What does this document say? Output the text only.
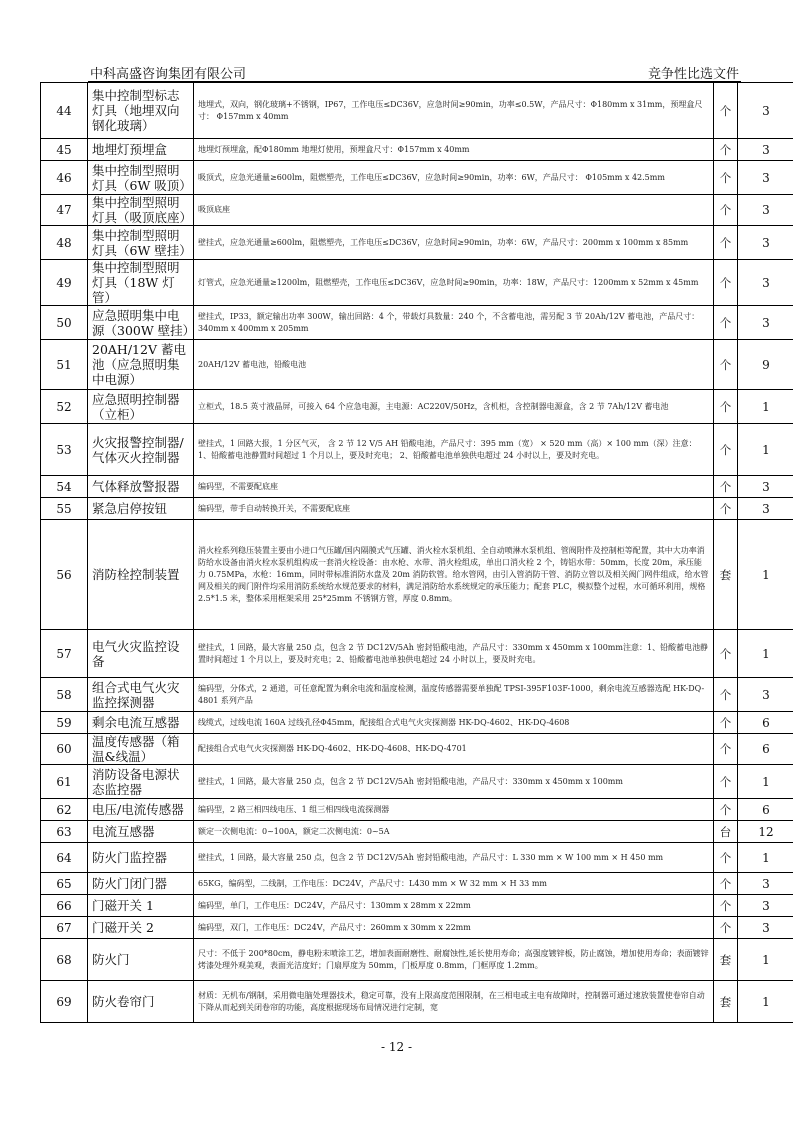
中科高盛咨询集团有限公司	竞争性比选文件
44	集中控制型标志灯具（地埋双向钢化玻璃）	地埋式，双向，钢化玻璃+不锈钢，IP67，工作电压≤DC36V，应急时间≥90min，功率≤0.5W，产品尺寸：Φ180mm x 31mm，预埋盒尺寸： Φ157mm x 40mm	个	3
45	地埋灯预埋盒	地埋灯预埋盒，配Φ180mm 地埋灯使用，预埋盒尺寸：Φ157mm x 40mm	个	3
46	集中控制型照明灯具（6W 吸顶）	吸顶式，应急光通量≥600lm，阻燃塑壳，工作电压≤DC36V，应急时间≥90min，功率：6W，产品尺寸： Φ105mm x 42.5mm	个	3
47	集中控制型照明灯具（吸顶底座）	吸顶底座	个	3
48	集中控制型照明灯具（6W 壁挂）	壁挂式，应急光通量≥600lm，阻燃塑壳，工作电压≤DC36V，应急时间≥90min，功率：6W，产品尺寸：200mm x 100mm x 85mm	个	3
49	集中控制型照明灯具（18W 灯管）	灯管式，应急光通量≥1200lm，阻燃塑壳，工作电压≤DC36V，应急时间≥90min，功率：18W，产品尺寸：1200mm x 52mm x 45mm	个	3
50	应急照明集中电源（300W 壁挂）	壁挂式，IP33，额定输出功率 300W，输出回路：4 个，带载灯具数量：240 个，不含蓄电池，需另配 3 节 20Ah/12V 蓄电池，产品尺寸：340mm x 400mm x 205mm	个	3
51	20AH/12V 蓄电池（应急照明集中电源）	20AH/12V 蓄电池，铅酸电池	个	9
52	应急照明控制器（立柜）	立柜式，18.5 英寸液晶屏，可接入 64 个应急电源，主电源：AC220V/50Hz，含机柜，含控制器电源盒，含 2 节 7Ah/12V 蓄电池	个	1
53	火灾报警控制器/气体灭火控制器	壁挂式，1 回路大报，1 分区气灭， 含 2 节 12 V/5 AH 铅酸电池，产品尺寸：395 mm（宽） × 520 mm（高）× 100 mm（深）注意：1、铅酸蓄电池静置时间超过 1 个月以上，要及时充电； 2、铅酸蓄电池单独供电超过 24 小时以上，要及时充电。	个	1
54	气体释放警报器	编码型，不需要配底座	个	3
55	紧急启停按钮	编码型，带手自动转换开关，不需要配底座	个	3
56	消防栓控制装置	消火栓系列稳压装置主要由小进口气压罐/国内隔膜式气压罐、消火栓水泵机组、全自动喷淋水泵机组、管阀附件及控制柜等配置，其中大功率消防给水设备由消火栓水泵机组构成一套消火栓设备：由水枪、水带、消火栓组成，单出口消火栓 2 个，铸铝水带：50mm，长度 20m，承压能力 0.75MPa，水枪：16mm，同时带标准消防水盘及 20m 消防软管。给水管网，由引入管消防干管、消防立管以及相关阀门网件组成，给水管网及相关的阀门附件均采用消防系统给水规范要求的材料，满足消防给水系统规定的承压能力；配套 PLC，模拟整个过程，水可循环利用，规格 2.5*1.5 米，整体采用框架采用 25*25mm 不锈钢方管，厚度 0.8mm。	套	1
57	电气火灾监控设备	壁挂式，1 回路，最大容量 250 点，包含 2 节 DC12V/5Ah 密封铅酸电池，产品尺寸：330mm x 450mm x 100mm注意：1、铅酸蓄电池静置时间超过 1 个月以上，要及时充电；2、铅酸蓄电池单独供电超过 24 小时以上，要及时充电。	个	1
58	组合式电气火灾监控探测器	编码型，分体式，2 通道，可任意配置为剩余电流和温度检测，温度传感器需要单独配 TPSI-395F103F-1000，剩余电流互感器选配 HK-DQ-4801 系列产品	个	3
59	剩余电流互感器	线缆式，过线电流 160A 过线孔径Φ45mm，配接组合式电气火灾探测器 HK-DQ-4602、HK-DQ-4608	个	6
60	温度传感器（箱温&线温）	配接组合式电气火灾探测器 HK-DQ-4602、HK-DQ-4608、HK-DQ-4701	个	6
61	消防设备电源状态监控器	壁挂式，1 回路，最大容量 250 点，包含 2 节 DC12V/5Ah 密封铅酸电池，产品尺寸：330mm x 450mm x 100mm	个	1
62	电压/电流传感器	编码型，2 路三相四线电压、1 组三相四线电流探测器	个	6
63	电流互感器	额定一次侧电流：0~100A，额定二次侧电流：0~5A	台	12
64	防火门监控器	壁挂式，1 回路，最大容量 250 点，包含 2 节 DC12V/5Ah 密封铅酸电池，产品尺寸：L 330 mm × W 100 mm × H 450 mm	个	1
65	防火门闭门器	65KG，编码型，二线制，工作电压：DC24V，产品尺寸：L430 mm × W 32 mm × H 33 mm	个	3
66	门磁开关 1	编码型，单门，工作电压：DC24V，产品尺寸：130mm x 28mm x 22mm	个	3
67	门磁开关 2	编码型，双门，工作电压：DC24V，产品尺寸：260mm x 30mm x 22mm	个	3
68	防火门	尺寸：不低于 200*80cm，静电粉末喷涂工艺，增加表面耐磨性、耐腐蚀性,延长使用寿命；高强度镀锌板，防止腐蚀，增加使用寿命；表面镀锌烤漆处理外观美观，表面光洁度好；门扇厚度为 50mm，门板厚度 0.8mm，门框厚度 1.2mm。	套	1
69	防火卷帘门	材质：无机布/钢制，采用微电脑处理器技术，稳定可靠，没有上限高度范围限制，在三相电或主电有故障时，控制器可通过速放装置使卷帘自动下降从而起到关闭卷帘的功能，高度根据现场布局情况进行定制，宽	套	1
- 12 -
